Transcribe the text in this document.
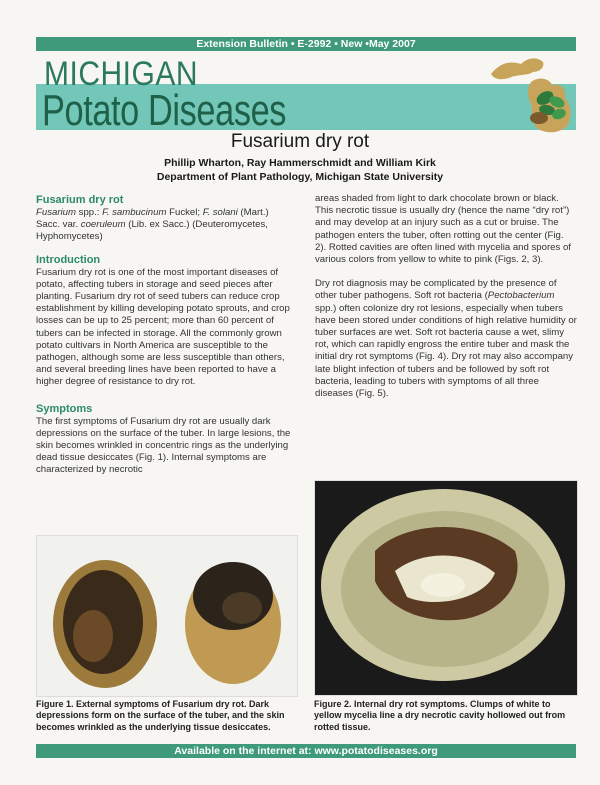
Extension Bulletin • E-2992 • New •May 2007
MICHIGAN
Potato Diseases
Fusarium dry rot
Phillip Wharton, Ray Hammerschmidt and William Kirk
Department of Plant Pathology, Michigan State University
Fusarium dry rot

Fusarium spp.: F. sambucinum Fuckel; F. solani (Mart.) Sacc. var. coeruleum (Lib. ex Sacc.) (Deuteromycetes, Hyphomycetes)

Introduction

Fusarium dry rot is one of the most important diseases of potato, affecting tubers in storage and seed pieces after planting. Fusarium dry rot of seed tubers can reduce crop establishment by killing developing potato sprouts, and crop losses can be up to 25 percent; more than 60 percent of tubers can be infected in storage. All the commonly grown potato cultivars in North America are susceptible to the pathogen, although some are less susceptible than others, and several breeding lines have been reported to have a higher degree of resistance to dry rot.

Symptoms

The first symptoms of Fusarium dry rot are usually dark depressions on the surface of the tuber. In large lesions, the skin becomes wrinkled in concentric rings as the underlying dead tissue desiccates (Fig. 1). Internal symptoms are characterized by necrotic

areas shaded from light to dark chocolate brown or black. This necrotic tissue is usually dry (hence the name “dry rot”) and may develop at an injury such as a cut or bruise. The pathogen enters the tuber, often rotting out the center (Fig. 2). Rotted cavities are often lined with mycelia and spores of various colors from yellow to white to pink (Figs. 2, 3).

Dry rot diagnosis may be complicated by the presence of other tuber pathogens. Soft rot bacteria (Pectobacterium spp.) often colonize dry rot lesions, especially when tubers have been stored under conditions of high relative humidity or tuber surfaces are wet. Soft rot bacteria cause a wet, slimy rot, which can rapidly engross the entire tuber and mask the initial dry rot symptoms (Fig. 4). Dry rot may also accompany late blight infection of tubers and be followed by soft rot bacteria, leading to tubers with symptoms of all three diseases (Fig. 5).

Figure 1. External symptoms of Fusarium dry rot. Dark depressions form on the surface of the tuber, and the skin becomes wrinkled as the underlying tissue desiccates.
Figure 2. Internal dry rot symptoms. Clumps of white to yellow mycelia line a dry necrotic cavity hollowed out from rotted tissue.
Available on the internet at: www.potatodiseases.org
